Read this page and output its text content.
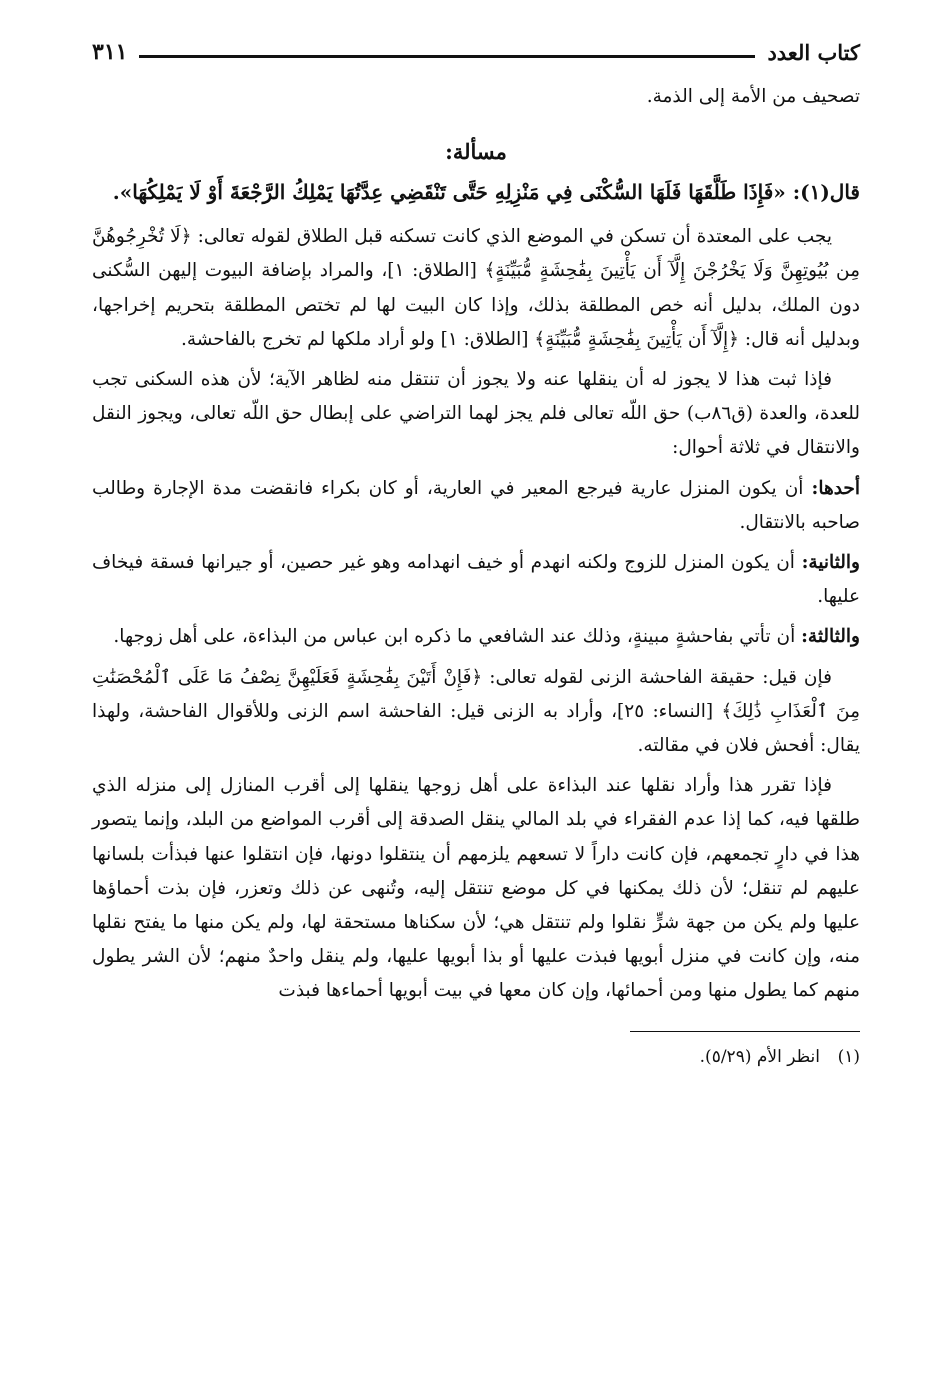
كتاب العدد
٣١١

تصحيف من الأمة إلى الذمة.

مسألة:

قال(١): «فَإِذَا طَلَّقَهَا فَلَهَا السُّكْنَى فِي مَنْزِلِهِ حَتَّى تَنْقَضِي عِدَّتُهَا يَمْلِكُ الرَّجْعَةَ أَوْ لَا يَمْلِكُهَا».

يجب على المعتدة أن تسكن في الموضع الذي كانت تسكنه قبل الطلاق لقوله تعالى: ﴿لَا تُخْرِجُوهُنَّ مِن بُيُوتِهِنَّ وَلَا يَخْرُجْنَ إِلَّآ أَن يَأْتِينَ بِفَٰحِشَةٍ مُّبَيِّنَةٍ﴾ [الطلاق: ١]، والمراد بإضافة البيوت إليهن السُّكنى دون الملك، بدليل أنه خص المطلقة بذلك، وإذا كان البيت لها لم تختص المطلقة بتحريم إخراجها، وبدليل أنه قال: ﴿إِلَّآ أَن يَأْتِينَ بِفَٰحِشَةٍ مُّبَيِّنَةٍ﴾ [الطلاق: ١] ولو أراد ملكها لم تخرج بالفاحشة.

فإذا ثبت هذا لا يجوز له أن ينقلها عنه ولا يجوز أن تنتقل منه لظاهر الآية؛ لأن هذه السكنى تجب للعدة، والعدة (ق٨٦ب) حق اللّه تعالى فلم يجز لهما التراضي على إبطال حق اللّه تعالى، ويجوز النقل والانتقال في ثلاثة أحوال:

أحدها: أن يكون المنزل عارية فيرجع المعير في العارية، أو كان بكراء فانقضت مدة الإجارة وطالب صاحبه بالانتقال.

والثانية: أن يكون المنزل للزوج ولكنه انهدم أو خيف انهدامه وهو غير حصين، أو جيرانها فسقة فيخاف عليها.

والثالثة: أن تأتي بفاحشةٍ مبينةٍ، وذلك عند الشافعي ما ذكره ابن عباس من البذاءة، على أهل زوجها.

فإن قيل: حقيقة الفاحشة الزنى لقوله تعالى: ﴿فَإِنْ أَتَيْنَ بِفَٰحِشَةٍ فَعَلَيْهِنَّ نِصْفُ مَا عَلَى ٱلْمُحْصَنَٰتِ مِنَ ٱلْعَذَابِ ذَٰلِكَ﴾ [النساء: ٢٥]، وأراد به الزنى قيل: الفاحشة اسم الزنى وللأقوال الفاحشة، ولهذا يقال: أفحش فلان في مقالته.

فإذا تقرر هذا وأراد نقلها عند البذاءة على أهل زوجها ينقلها إلى أقرب المنازل إلى منزله الذي طلقها فيه، كما إذا عدم الفقراء في بلد المالي ينقل الصدقة إلى أقرب المواضع من البلد، وإنما يتصور هذا في دارٍ تجمعهم، فإن كانت داراً لا تسعهم يلزمهم أن ينتقلوا دونها، فإن انتقلوا عنها فبذأت بلسانها عليهم لم تنقل؛ لأن ذلك يمكنها في كل موضع تنتقل إليه، وتُنهى عن ذلك وتعزر، فإن بذت أحماؤها عليها ولم يكن من جهة شرٍّ نقلوا ولم تنتقل هي؛ لأن سكناها مستحقة لها، ولم يكن منها ما يفتح نقلها منه، وإن كانت في منزل أبويها فبذت عليها أو بذا أبويها عليها، ولم ينقل واحدٌ منهم؛ لأن الشر يطول منهم كما يطول منها ومن أحمائها، وإن كان معها في بيت أبويها أحماءها فبذت

(١)انظر الأم (٥/٢٩).
